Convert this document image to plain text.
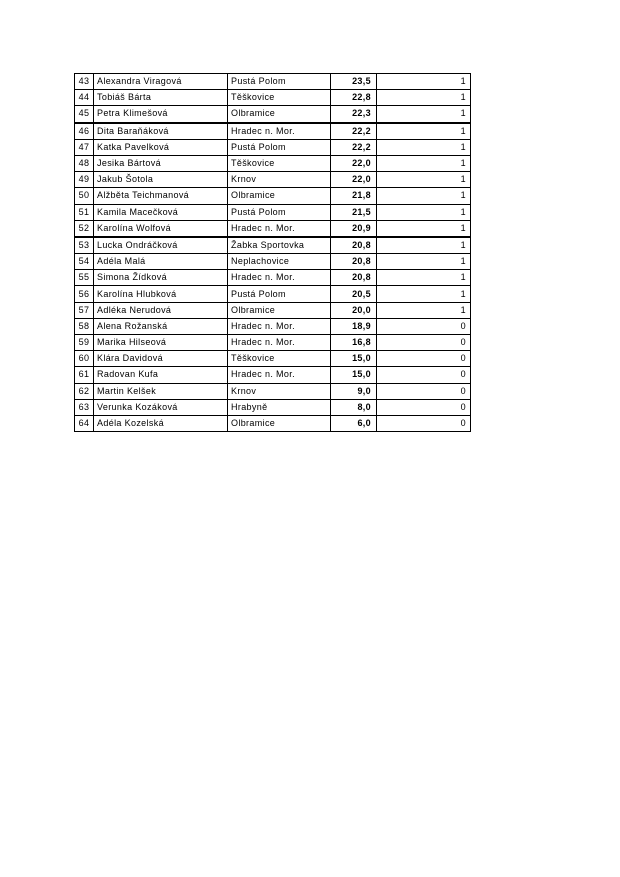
43	Alexandra Viragová	Pustá Polom	23,5	1
44	Tobiáš Bárta	Těškovice	22,8	1
45	Petra Klimešová	Olbramice	22,3	1
46	Dita Baraňáková	Hradec n. Mor.	22,2	1
47	Katka Pavelková	Pustá Polom	22,2	1
48	Jesika Bártová	Těškovice	22,0	1
49	Jakub Šotola	Krnov	22,0	1
50	Alžběta Teichmanová	Olbramice	21,8	1
51	Kamila Macečková	Pustá Polom	21,5	1
52	Karolína Wolfová	Hradec n. Mor.	20,9	1
53	Lucka Ondráčková	Žabka Sportovka	20,8	1
54	Adéla Malá	Neplachovice	20,8	1
55	Simona Žídková	Hradec n. Mor.	20,8	1
56	Karolína Hlubková	Pustá Polom	20,5	1
57	Adléka Nerudová	Olbramice	20,0	1
58	Alena Rožanská	Hradec n. Mor.	18,9	0
59	Marika Hilseová	Hradec n. Mor.	16,8	0
60	Klára Davidová	Těškovice	15,0	0
61	Radovan Kufa	Hradec n. Mor.	15,0	0
62	Martin Kelšek	Krnov	9,0	0
63	Verunka Kozáková	Hrabyně	8,0	0
64	Adéla Kozelská	Olbramice	6,0	0
